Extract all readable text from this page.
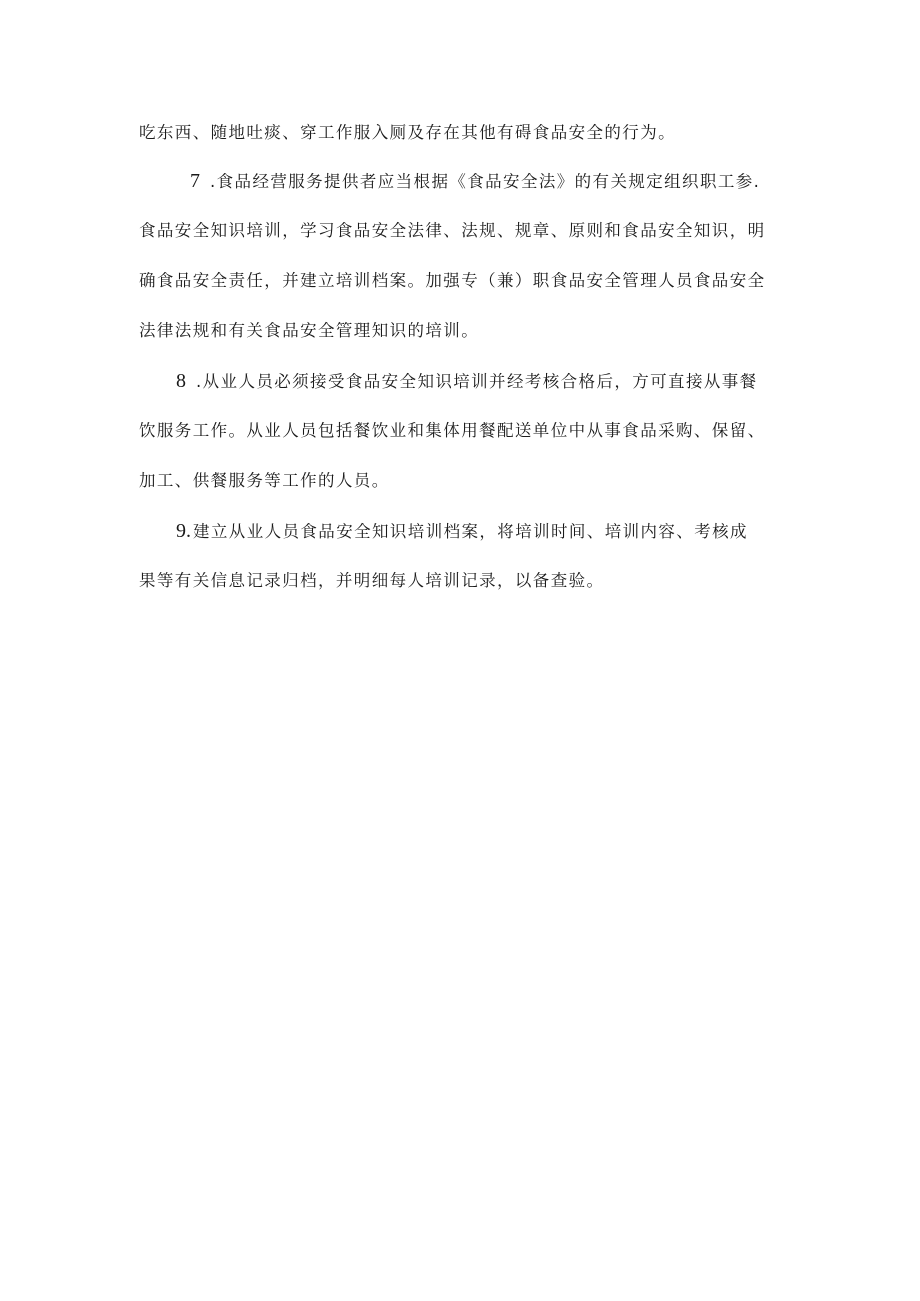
吃东西、随地吐痰、穿工作服入厕及存在其他有碍食品安全的行为。
7 .食品经营服务提供者应当根据《食品安全法》的有关规定组织职工参.
食品安全知识培训，学习食品安全法律、法规、规章、原则和食品安全知识，明
确食品安全责任，并建立培训档案。加强专（兼）职食品安全管理人员食品安全
法律法规和有关食品安全管理知识的培训。
8 .从业人员必须接受食品安全知识培训并经考核合格后，方可直接从事餐
饮服务工作。从业人员包括餐饮业和集体用餐配送单位中从事食品采购、保留、
加工、供餐服务等工作的人员。
9. 建立从业人员食品安全知识培训档案，将培训时间、培训内容、考核成
果等有关信息记录归档，并明细每人培训记录，以备查验。
